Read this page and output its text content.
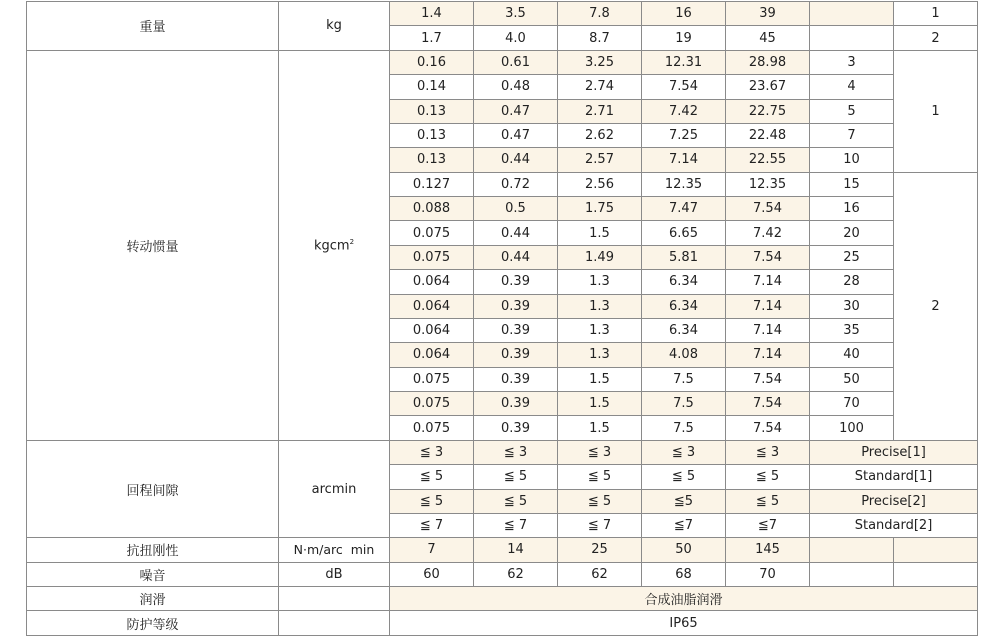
重量	kg	1.4	3.5	7.8	16	39		1
		1.7	4.0	8.7	19	45		2
转动惯量	kgcm$^2$	0.16	0.61	3.25	12.31	28.98	3	1
		0.14	0.48	2.74	7.54	23.67	4	
		0.13	0.47	2.71	7.42	22.75	5	
		0.13	0.47	2.62	7.25	22.48	7	
		0.13	0.44	2.57	7.14	22.55	10	
		0.127	0.72	2.56	12.35	12.35	15	2
		0.088	0.5	1.75	7.47	7.54	16	
		0.075	0.44	1.5	6.65	7.42	20	
		0.075	0.44	1.49	5.81	7.54	25	
		0.064	0.39	1.3	6.34	7.14	28	
		0.064	0.39	1.3	6.34	7.14	30	
		0.064	0.39	1.3	6.34	7.14	35	
		0.064	0.39	1.3	4.08	7.14	40	
		0.075	0.39	1.5	7.5	7.54	50	
		0.075	0.39	1.5	7.5	7.54	70	
		0.075	0.39	1.5	7.5	7.54	100	
回程间隙	arcmin	≦ 3	≦ 3	≦ 3	≦ 3	≦ 3	Precise[1]	
		≦ 5	≦ 5	≦ 5	≦ 5	≦ 5	Standard[1]	
		≦ 5	≦ 5	≦ 5	≦5	≦ 5	Precise[2]	
		≦ 7	≦ 7	≦ 7	≦7	≦7	Standard[2]	
抗扭刚性	N·m/arc  min	7	14	25	50	145		
噪音	dB	60	62	62	68	70		
润滑		合成油脂润滑						
防护等级		IP65						
